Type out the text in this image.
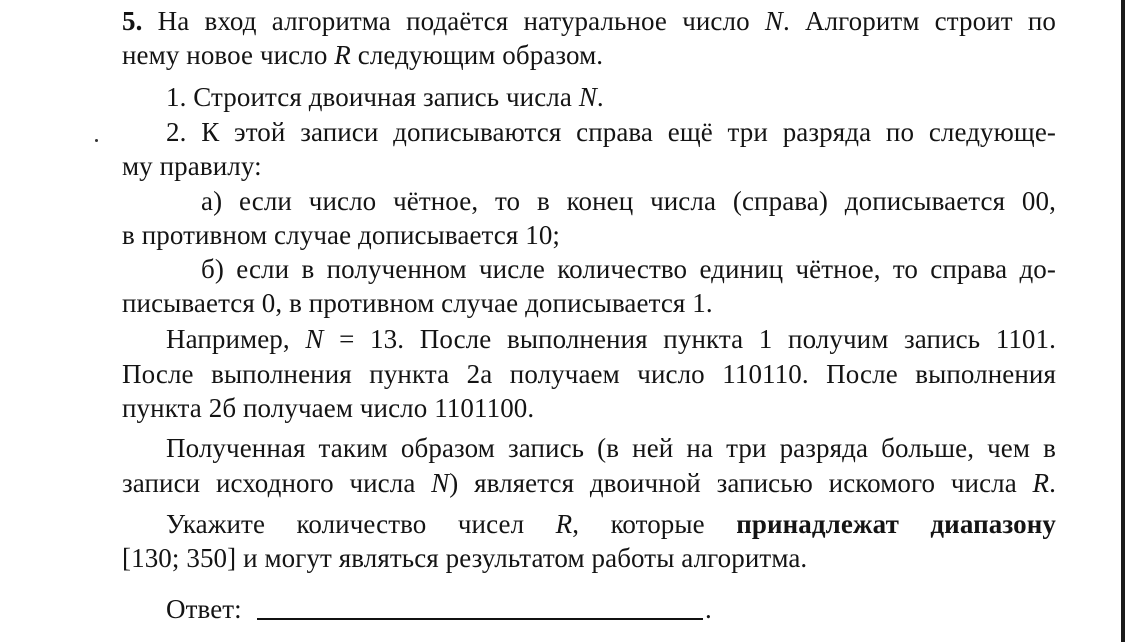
5. На вход алгоритма подаётся натуральное число N. Алгоритм строит по
нему новое число R следующим образом.
1. Строится двоичная запись числа N.
2. К этой записи дописываются справа ещё три разряда по следующе-
му правилу:
а) если число чётное, то в конец числа (справа) дописывается 00,
в противном случае дописывается 10;
б) если в полученном числе количество единиц чётное, то справа до-
писывается 0, в противном случае дописывается 1.
Например, N = 13. После выполнения пункта 1 получим запись 1101.
После выполнения пункта 2а получаем число 110110. После выполнения
пункта 2б получаем число 1101100.
Полученная таким образом запись (в ней на три разряда больше, чем в
записи исходного числа N) является двоичной записью искомого числа R.
Укажите количество чисел R, которые принадлежат диапазону
[130; 350] и могут являться результатом работы алгоритма.
Ответ:	.
